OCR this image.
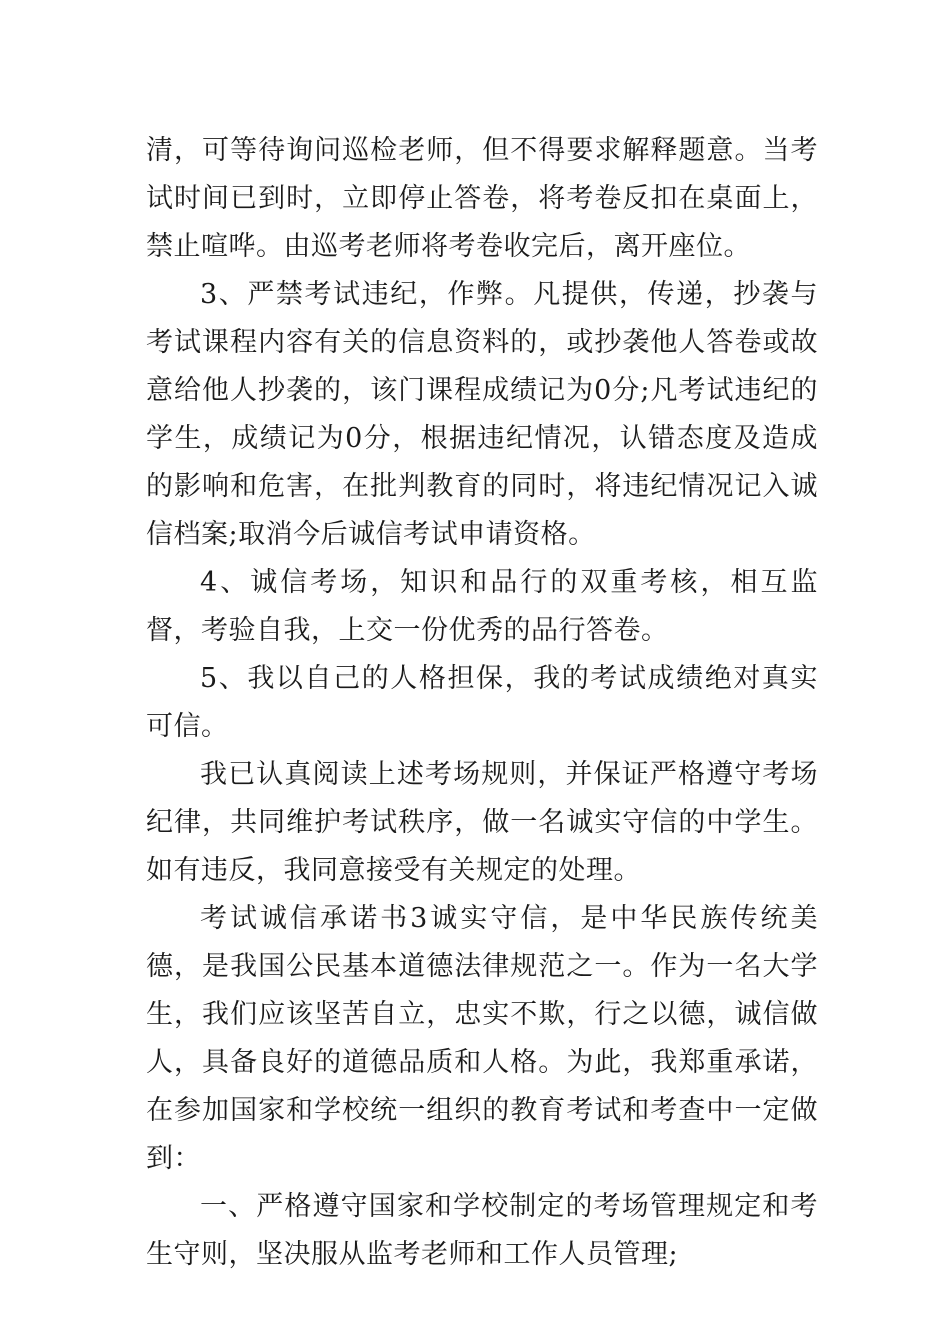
清，可等待询问巡检老师，但不得要求解释题意。当考试时间已到时，立即停止答卷，将考卷反扣在桌面上，禁止喧哗。由巡考老师将考卷收完后，离开座位。

3、严禁考试违纪，作弊。凡提供，传递，抄袭与考试课程内容有关的信息资料的，或抄袭他人答卷或故意给他人抄袭的，该门课程成绩记为0分;凡考试违纪的学生，成绩记为0分，根据违纪情况，认错态度及造成的影响和危害，在批判教育的同时，将违纪情况记入诚信档案;取消今后诚信考试申请资格。

4、诚信考场，知识和品行的双重考核，相互监督，考验自我，上交一份优秀的品行答卷。

5、我以自己的人格担保，我的考试成绩绝对真实可信。

我已认真阅读上述考场规则，并保证严格遵守考场纪律，共同维护考试秩序，做一名诚实守信的中学生。如有违反，我同意接受有关规定的处理。

考试诚信承诺书3诚实守信，是中华民族传统美德，是我国公民基本道德法律规范之一。作为一名大学生，我们应该坚苦自立，忠实不欺，行之以德，诚信做人，具备良好的道德品质和人格。为此，我郑重承诺，在参加国家和学校统一组织的教育考试和考查中一定做到：

一、严格遵守国家和学校制定的考场管理规定和考生守则，坚决服从监考老师和工作人员管理;
